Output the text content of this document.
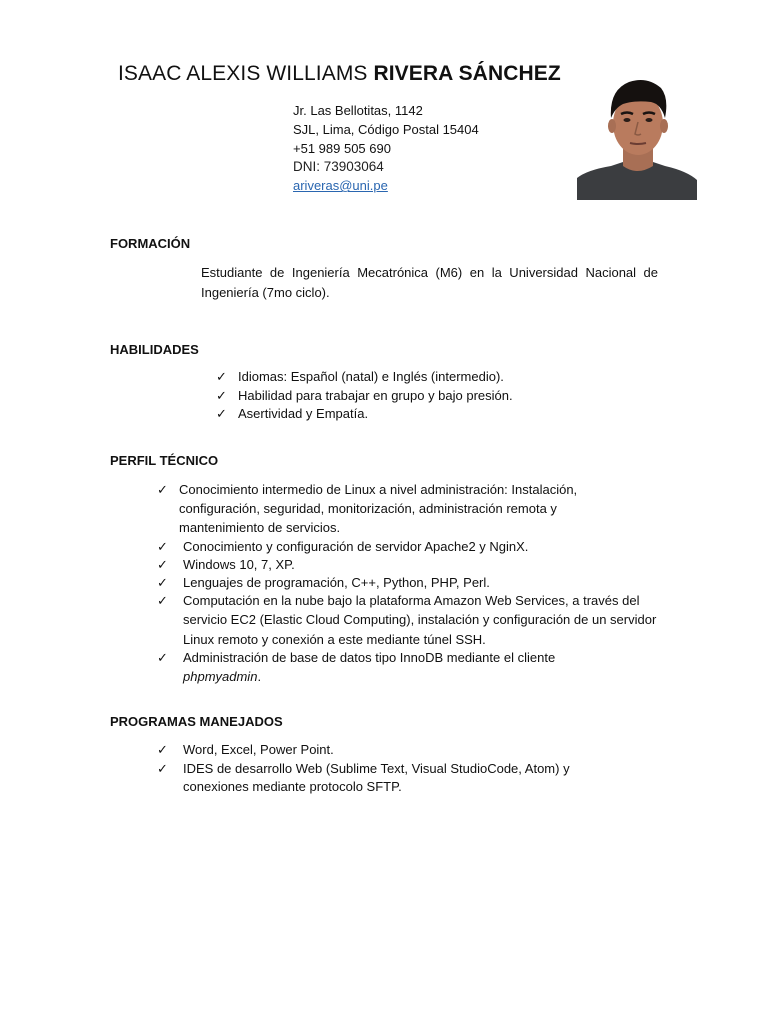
ISAAC ALEXIS WILLIAMS RIVERA SÁNCHEZ
Jr. Las Bellotitas, 1142
SJL, Lima, Código Postal 15404
+51 989 505 690
DNI: 73903064
ariveras@uni.pe
FORMACIÓN
Estudiante de Ingeniería Mecatrónica (M6) en la Universidad Nacional de Ingeniería (7mo ciclo).
HABILIDADES
✓ Idiomas: Español (natal) e Inglés (intermedio).
✓ Habilidad para trabajar en grupo y bajo presión.
✓ Asertividad y Empatía.
PERFIL TÉCNICO
✓ Conocimiento intermedio de Linux a nivel administración: Instalación, configuración, seguridad, monitorización, administración remota y mantenimiento de servicios.
✓ Conocimiento y configuración de servidor Apache2 y NginX.
✓ Windows 10, 7, XP.
✓ Lenguajes de programación, C++, Python, PHP, Perl.
✓ Computación en la nube bajo la plataforma Amazon Web Services, a través del servicio EC2 (Elastic Cloud Computing), instalación y configuración de un servidor Linux remoto y conexión a este mediante túnel SSH.
✓ Administración de base de datos tipo InnoDB mediante el cliente phpmyadmin.
PROGRAMAS MANEJADOS
✓ Word, Excel, Power Point.
✓ IDES de desarrollo Web (Sublime Text, Visual StudioCode, Atom) y conexiones mediante protocolo SFTP.
